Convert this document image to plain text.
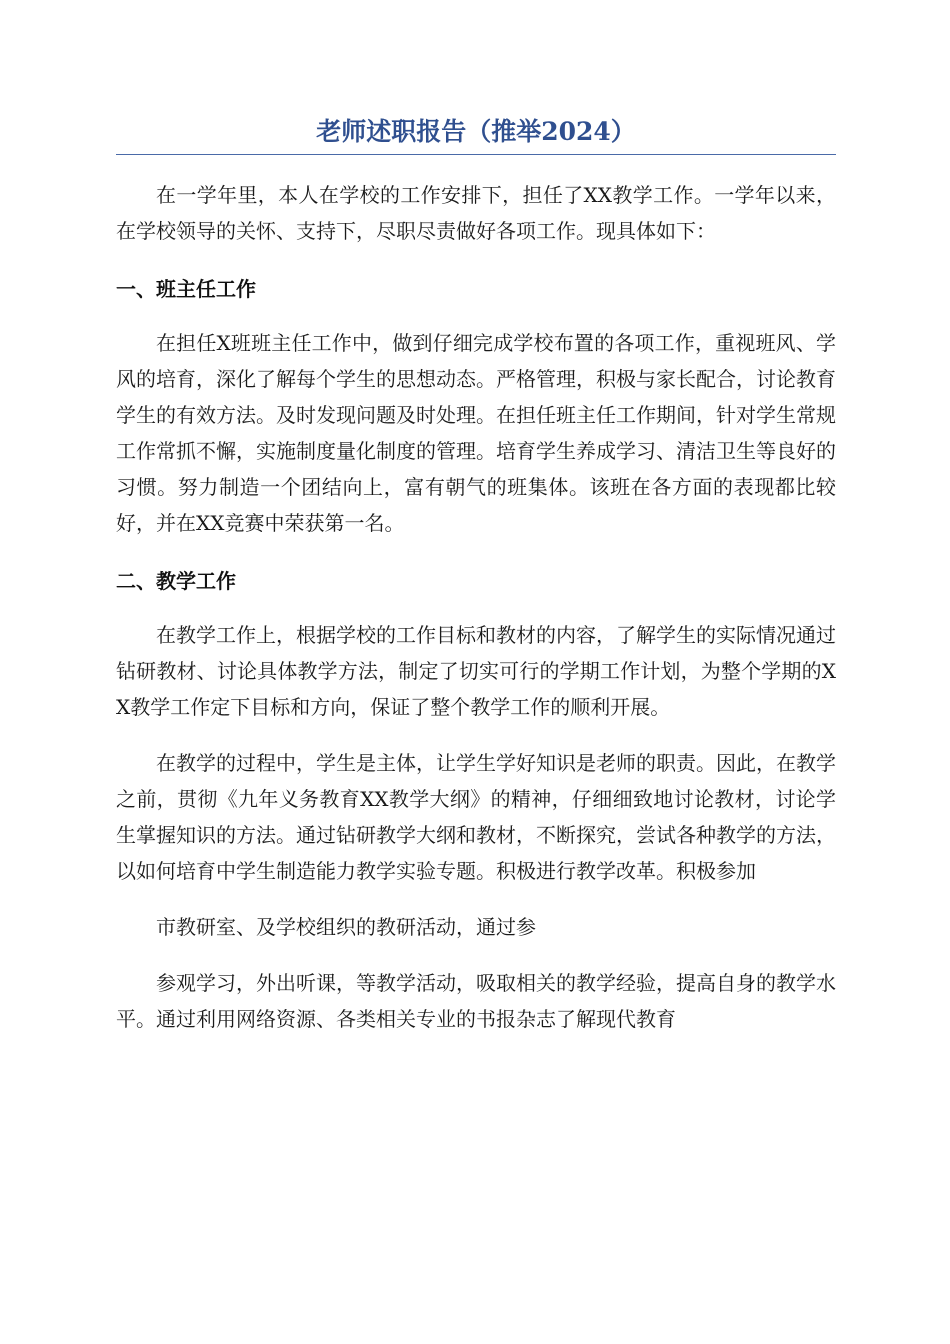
老师述职报告（推举2024）

在一学年里，本人在学校的工作安排下，担任了XX教学工作。一学年以来，在学校领导的关怀、支持下，尽职尽责做好各项工作。现具体如下：

一、班主任工作

在担任X班班主任工作中，做到仔细完成学校布置的各项工作，重视班风、学风的培育，深化了解每个学生的思想动态。严格管理，积极与家长配合，讨论教育学生的有效方法。及时发现问题及时处理。在担任班主任工作期间，针对学生常规工作常抓不懈，实施制度量化制度的管理。培育学生养成学习、清洁卫生等良好的习惯。努力制造一个团结向上，富有朝气的班集体。该班在各方面的表现都比较好，并在XX竞赛中荣获第一名。

二、教学工作

在教学工作上，根据学校的工作目标和教材的内容，了解学生的实际情况通过钻研教材、讨论具体教学方法，制定了切实可行的学期工作计划，为整个学期的XX教学工作定下目标和方向，保证了整个教学工作的顺利开展。

在教学的过程中，学生是主体，让学生学好知识是老师的职责。因此，在教学之前，贯彻《九年义务教育XX教学大纲》的精神，仔细细致地讨论教材，讨论学生掌握知识的方法。通过钻研教学大纲和教材，不断探究，尝试各种教学的方法，以如何培育中学生制造能力教学实验专题。积极进行教学改革。积极参加

市教研室、及学校组织的教研活动，通过参

参观学习，外出听课，等教学活动，吸取相关的教学经验，提高自身的教学水平。通过利用网络资源、各类相关专业的书报杂志了解现代教育
